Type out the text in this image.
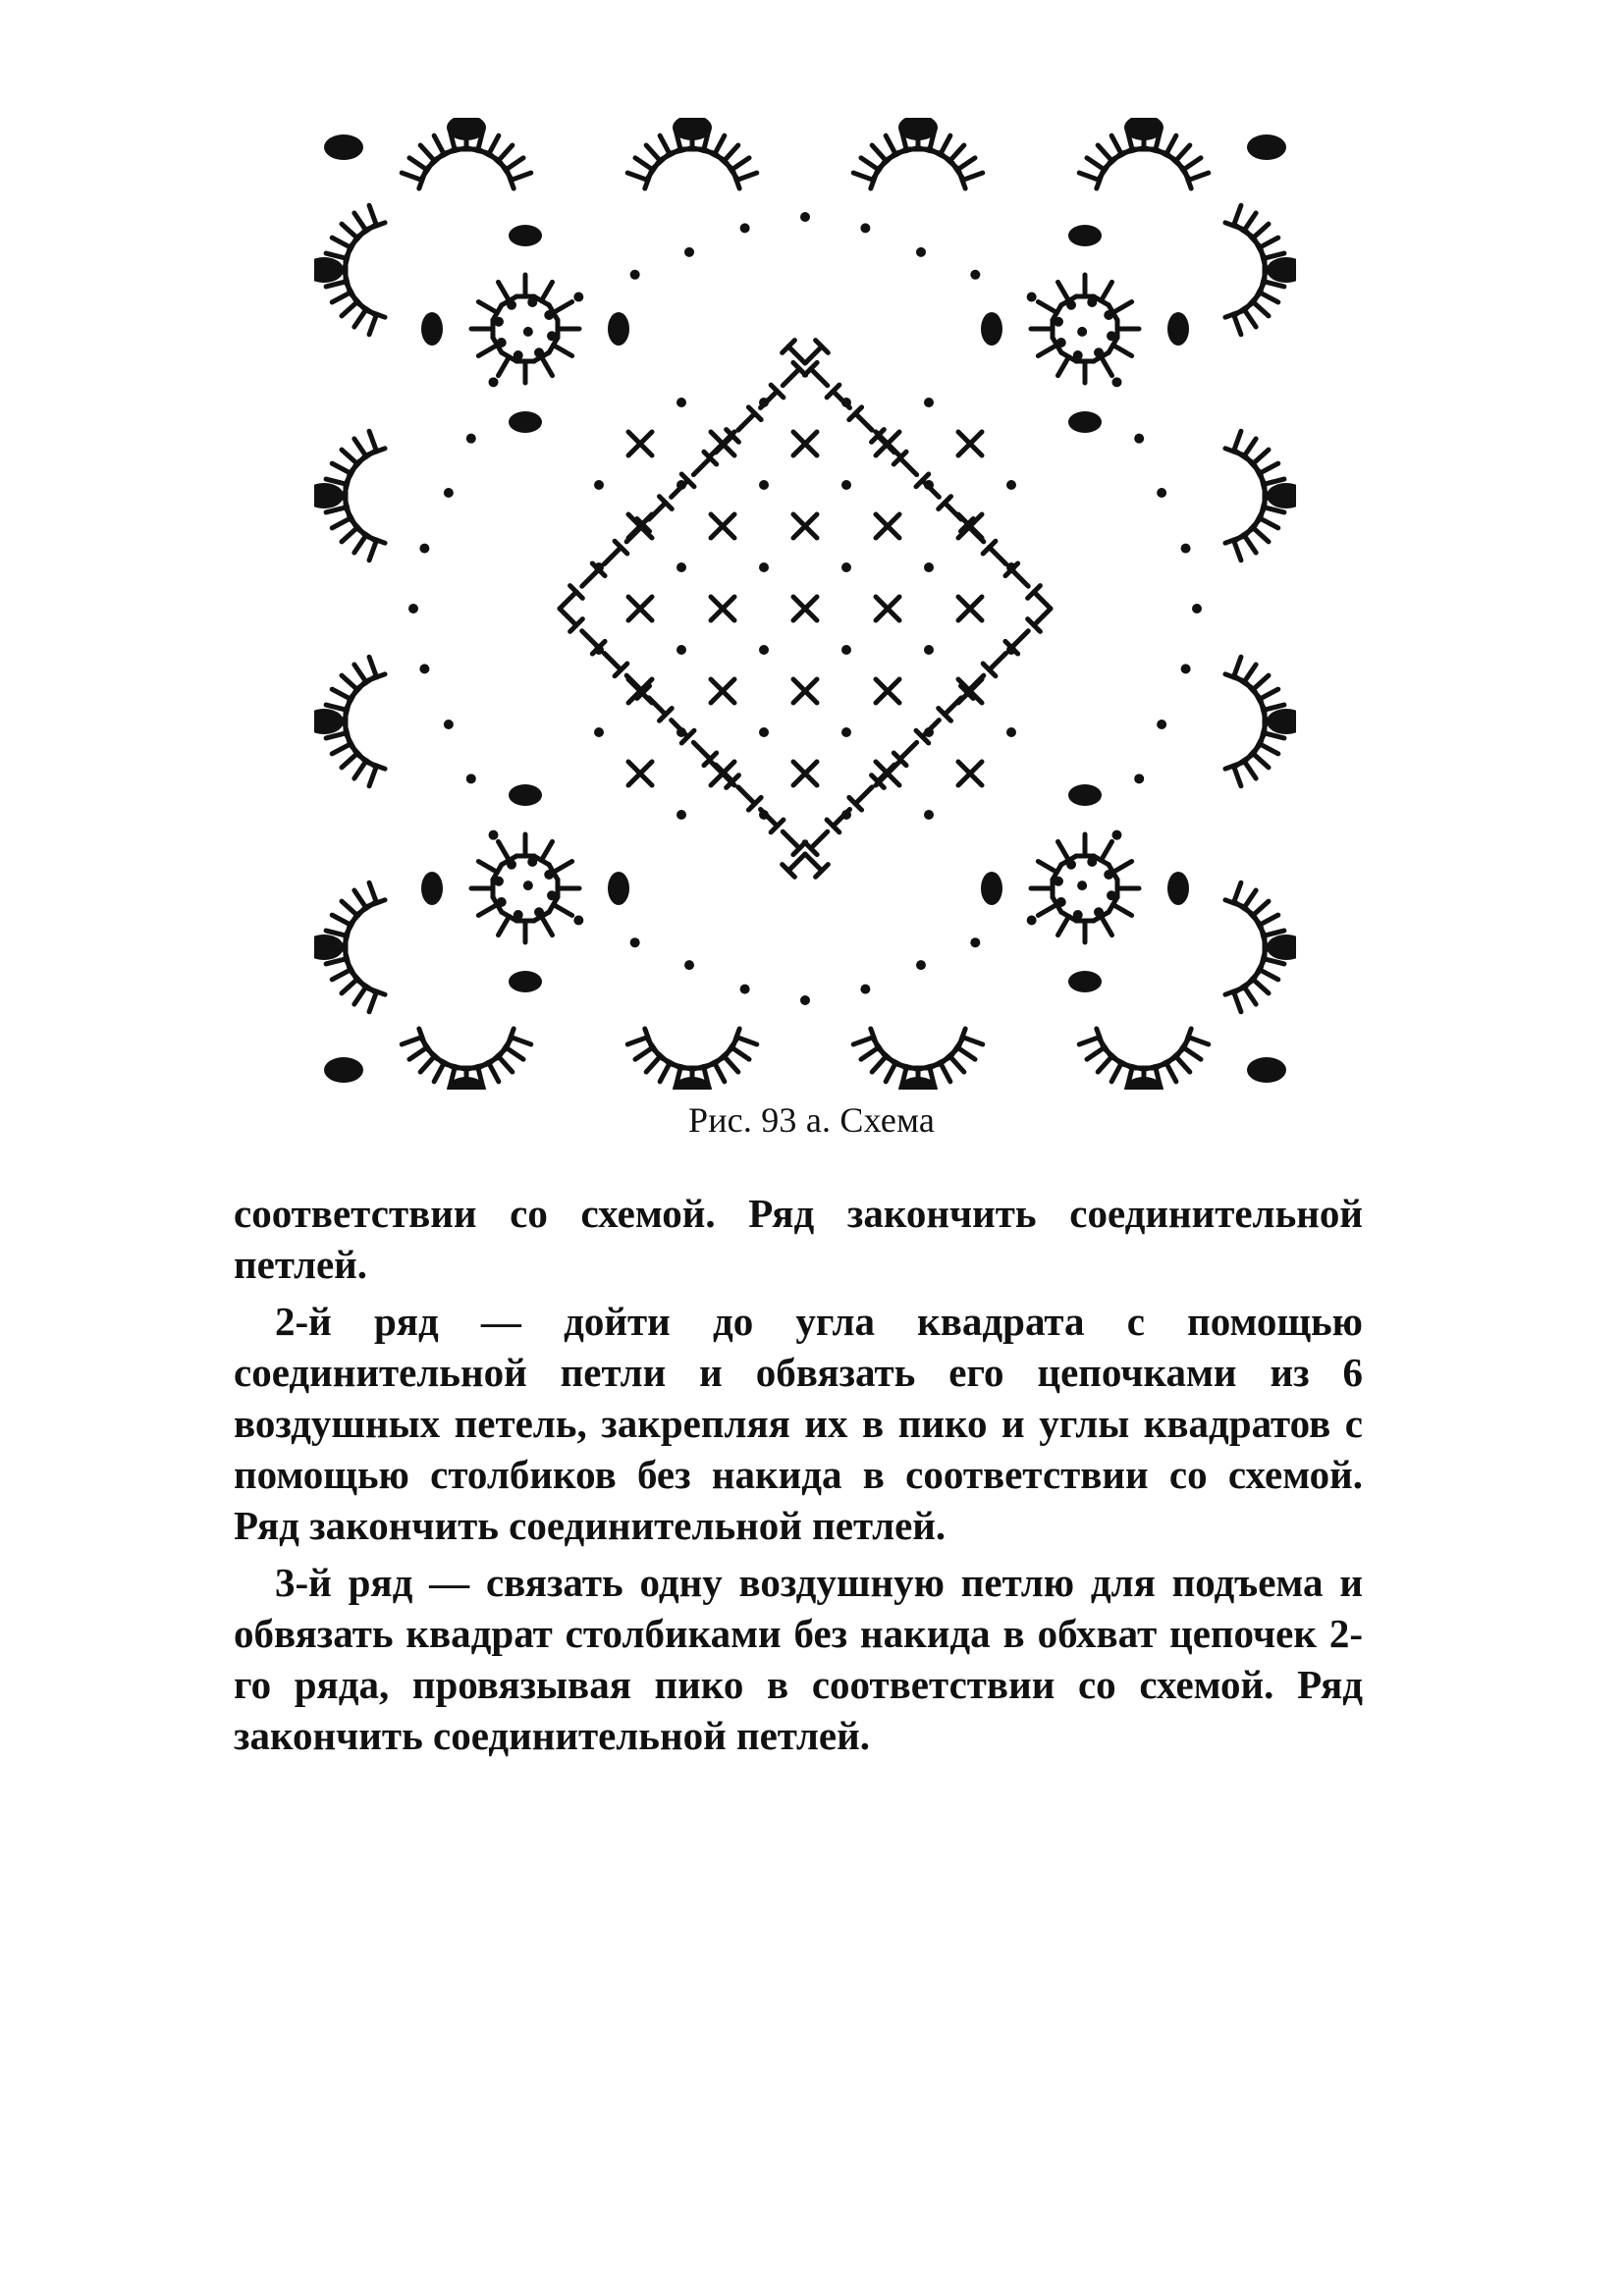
Рис. 93 а. Схема

соответствии со схемой. Ряд закончить соединительной петлей.

2-й ряд — дойти до угла квадрата с помощью соединительной петли и обвязать его цепочками из 6 воздушных петель, закрепляя их в пико и углы квадратов с помощью столбиков без накида в соответствии со схемой. Ряд закончить соединительной петлей.

3-й ряд — связать одну воздушную петлю для подъема и обвязать квадрат столбиками без накида в обхват цепочек 2-го ряда, провязывая пико в соответствии со схемой. Ряд закончить соединительной петлей.
